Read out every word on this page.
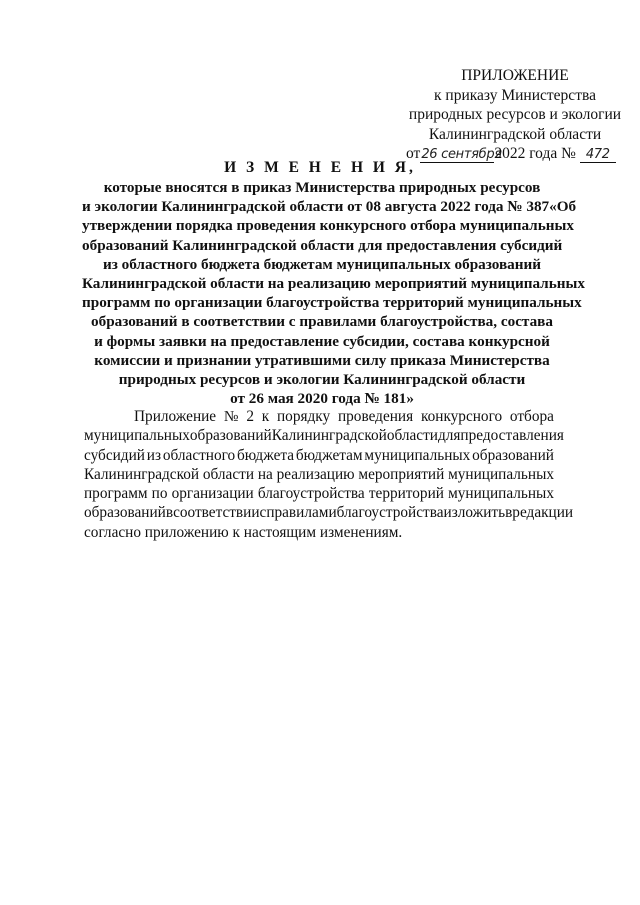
ПРИЛОЖЕНИЕ
к приказу Министерства
природных ресурсов и экологии
Калининградской области
от26 сентября2022 года № 472
И З М Е Н Е Н И Я,
которые вносятся в приказ Министерства природных ресурсов
и экологии Калининградской области от 08 августа 2022 года № 387«Об
утверждении порядка проведения конкурсного отбора муниципальных
образований Калининградской области для предоставления субсидий
из областного бюджета бюджетам муниципальных образований
Калининградской области на реализацию мероприятий муниципальных
программ по организации благоустройства территорий муниципальных
образований в соответствии с правилами благоустройства, состава
и формы заявки на предоставление субсидии, состава конкурсной
комиссии и признании утратившими силу приказа Министерства
природных ресурсов и экологии Калининградской области
от 26 мая 2020 года № 181»
Приложение № 2 к порядку проведения конкурсного отбора
муниципальных образований Калининградской области для предоставления
субсидий из областного бюджета бюджетам муниципальных образований
Калининградской области на реализацию мероприятий муниципальных
программ по организации благоустройства территорий муниципальных
образований в соответствии с правилами благоустройства изложить в редакции
согласно приложению к настоящим изменениям.
